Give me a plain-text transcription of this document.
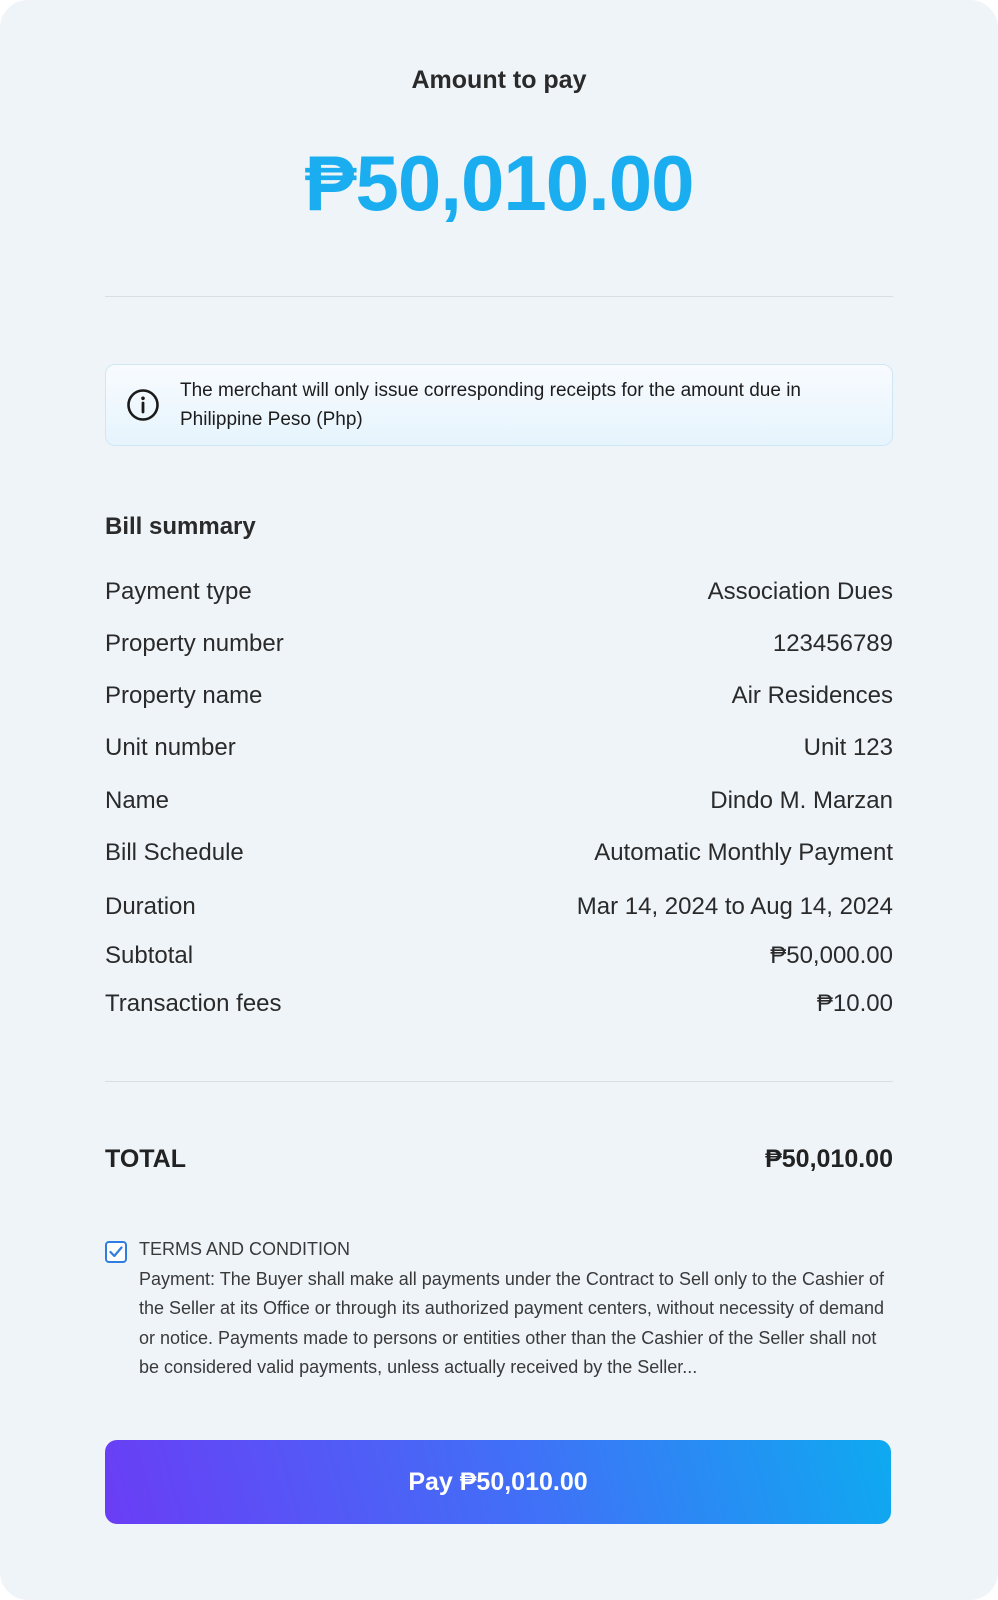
Amount to pay
₱50,010.00
The merchant will only issue corresponding receipts for the amount due in Philippine Peso (Php)
Bill summary
Payment type	Association Dues
Property number	123456789
Property name	Air Residences
Unit number	Unit 123
Name	Dindo M. Marzan
Bill Schedule	Automatic Monthly Payment
Duration	Mar 14, 2024 to Aug 14, 2024
Subtotal	₱50,000.00
Transaction fees	₱10.00
TOTAL	₱50,010.00
TERMS AND CONDITION
Payment: The Buyer shall make all payments under the Contract to Sell only to the Cashier of the Seller at its Office or through its authorized payment centers, without necessity of demand or notice. Payments made to persons or entities other than the Cashier of the Seller shall not be considered valid payments, unless actually received by the Seller...
Pay ₱50,010.00
